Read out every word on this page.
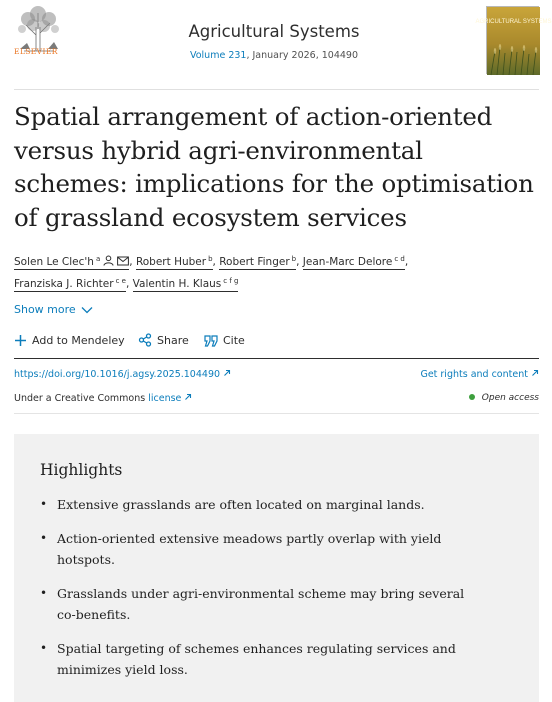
ELSEVIER
Agricultural Systems
Volume 231, January 2026, 104490
AGRICULTURAL SYSTEMS
Spatial arrangement of action-oriented versus hybrid agri-environmental schemes: implications for the optimisation of grassland ecosystem services
Solen Le Clec'h $^a$	, Robert Huber $^b$, Robert Finger $^b$, Jean-Marc Delore $^{c d}$,
Franziska J. Richter $^{c e}$, Valentin H. Klaus $^{c f g}$
Show more
Add to Mendeley	Share	Cite
https://doi.org/10.1016/j.agsy.2025.104490	Get rights and content
Under a Creative Commons license	Open access
Highlights
• Extensive grasslands are often located on marginal lands.
• Action-oriented extensive meadows partly overlap with yield hotspots.
• Grasslands under agri-environmental scheme may bring several co-benefits.
• Spatial targeting of schemes enhances regulating services and minimizes yield loss.
